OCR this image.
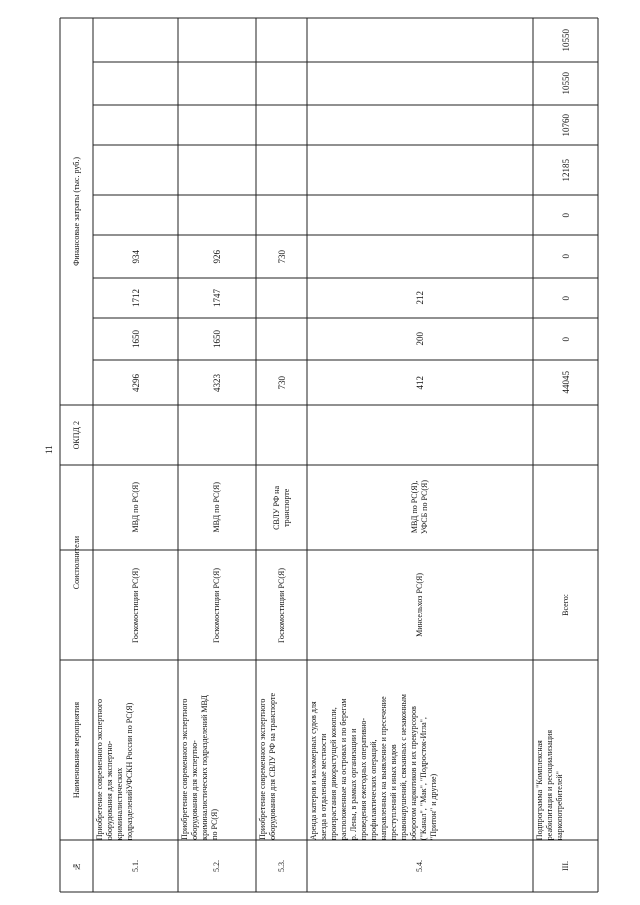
11
№
Наименование мероприятия
Соисполнители
ОКПД 2
Финансовые затраты (тыс. руб.)
5.1.
Приобретение современного экспертного
оборудования для экспертно-
криминалистических
подразделенийУФСКН России по РС(Я)
Госкомостиции РС(Я)
МВД по РС(Я)
4296
1650
1712
934
5.2.
Приобретение современного экспертного
оборудования для экспертно-
криминалистических подразделений МВД
по РС(Я)
Госкомостиции РС(Я)
МВД по РС(Я)
4323
1650
1747
926
5.3.
Приобретение современного экспертного
оборудования для СВЛУ РФ на транспорте
Госкомостиции РС(Я)
СВЛУ РФ на
транспорте
730
730
5.4.
Аренда катеров и маломерных судов для
заезда в отдаленные местности
произрастания дикорастущей конопли,
расположенные на островах и по берегам
р. Лены, в рамках организации и
проведения ежегодных оперативно-
профилактических операций,
направленных на выявление и пресечение
преступлений и иных видов
правонарушений, связанных с незаконным
оборотом наркотиков и их прекурсоров
("Канал", "Мак", "Подросток-Игла",
"Притон" и другие)
Минсельхоз РС(Я)
МВД по РС(Я),
УФСБ по РС(Я)
412
200
212
III.
Подпрограмма "Комплексная
реабилитация и ресоциализация
наркопотребителей"
Всего:
44045
0
0
0
0
12185
10760
10550
10550
